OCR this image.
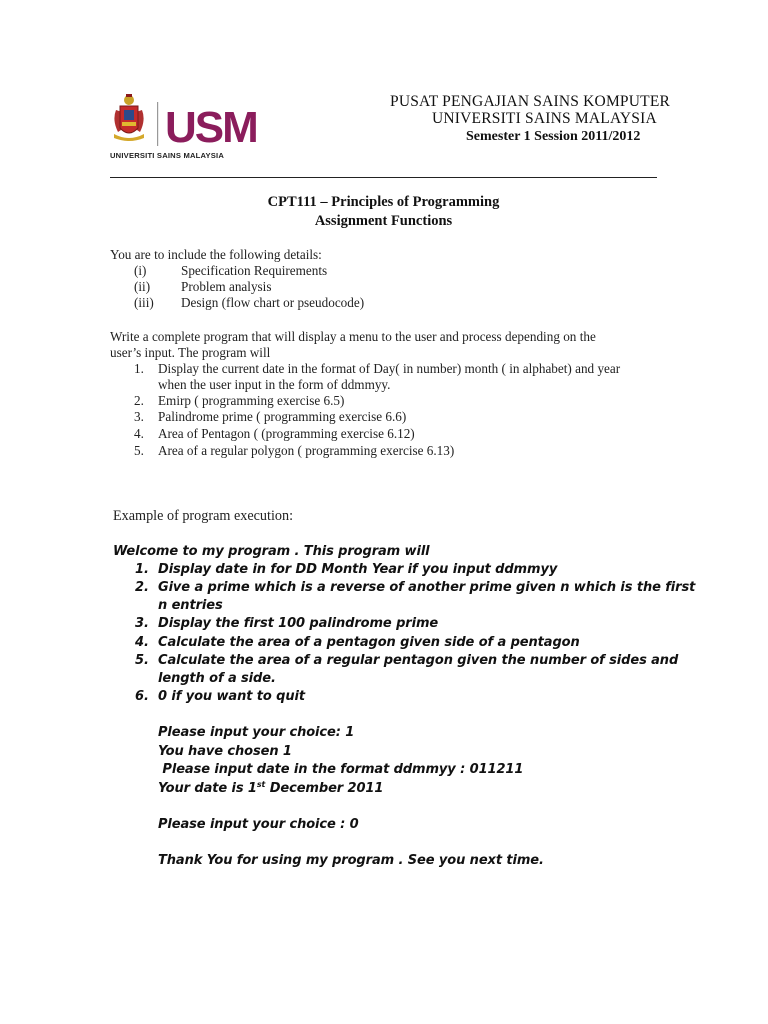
USM
UNIVERSITI SAINS MALAYSIA
PUSAT PENGAJIAN SAINS KOMPUTER
UNIVERSITI SAINS MALAYSIA
Semester 1 Session 2011/2012
CPT111 – Principles of Programming
Assignment Functions
You are to include the following details:
(i)	Specification Requirements
(ii) Problem analysis
(iii) Design (flow chart or pseudocode)
Write a complete program that will display a menu to the user and process depending on the
user’s input. The program will
1. Display the current date in the format of Day( in number) month ( in alphabet) and year
when the user input in the form of ddmmyy.
2. Emirp ( programming exercise 6.5)
3. Palindrome prime ( programming exercise 6.6)
4. Area of Pentagon ( (programming exercise 6.12)
5. Area of a regular polygon ( programming exercise 6.13)
Example of program execution:
Welcome to my program . This program will
1. Display date in for DD Month Year if you input ddmmyy
2. Give a prime which is a reverse of another prime given n which is the first
n entries
3. Display the first 100 palindrome prime
4. Calculate the area of a pentagon given side of a pentagon
5. Calculate the area of a regular pentagon given the number of sides and
length of a side.
6. 0 if you want to quit
Please input your choice: 1
You have chosen 1
Please input date in the format ddmmyy : 011211
Your date is 1st December 2011
Please input your choice : 0
Thank You for using my program . See you next time.
